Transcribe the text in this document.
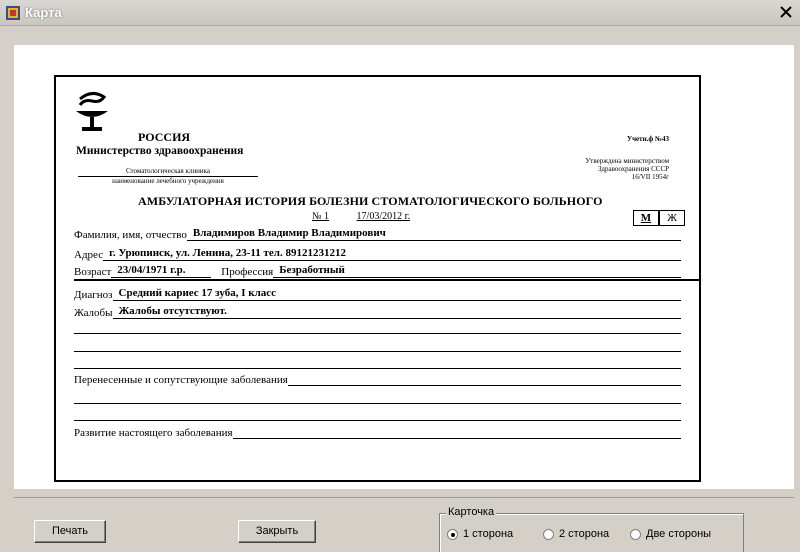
Карта
РОССИЯ
Министерство здравоохранения
Стоматологическая клиника
наименование лечебного учреждения
Учетн.ф №43
Утверждена министерством
Здравоохранения СССР
16/VII 1954г
АМБУЛАТОРНАЯ ИСТОРИЯ БОЛЕЗНИ СТОМАТОЛОГИЧЕСКОГО БОЛЬНОГО
№ 1	17/03/2012 г.	М	Ж
Фамилия, имя, отчество Владимиров Владимир Владимирович
Адрес г. Урюпинск, ул. Ленина, 23-11 тел. 89121231212
Возраст 23/04/1971 г.р.	Профессия Безработный
Диагноз Средний кариес 17 зуба, I класс
Жалобы Жалобы отсутствуют.
Перенесенные и сопутствующие заболевания
Развитие настоящего заболевания
Печать	Закрыть
Карточка
1 сторона	2 сторона	Две стороны
